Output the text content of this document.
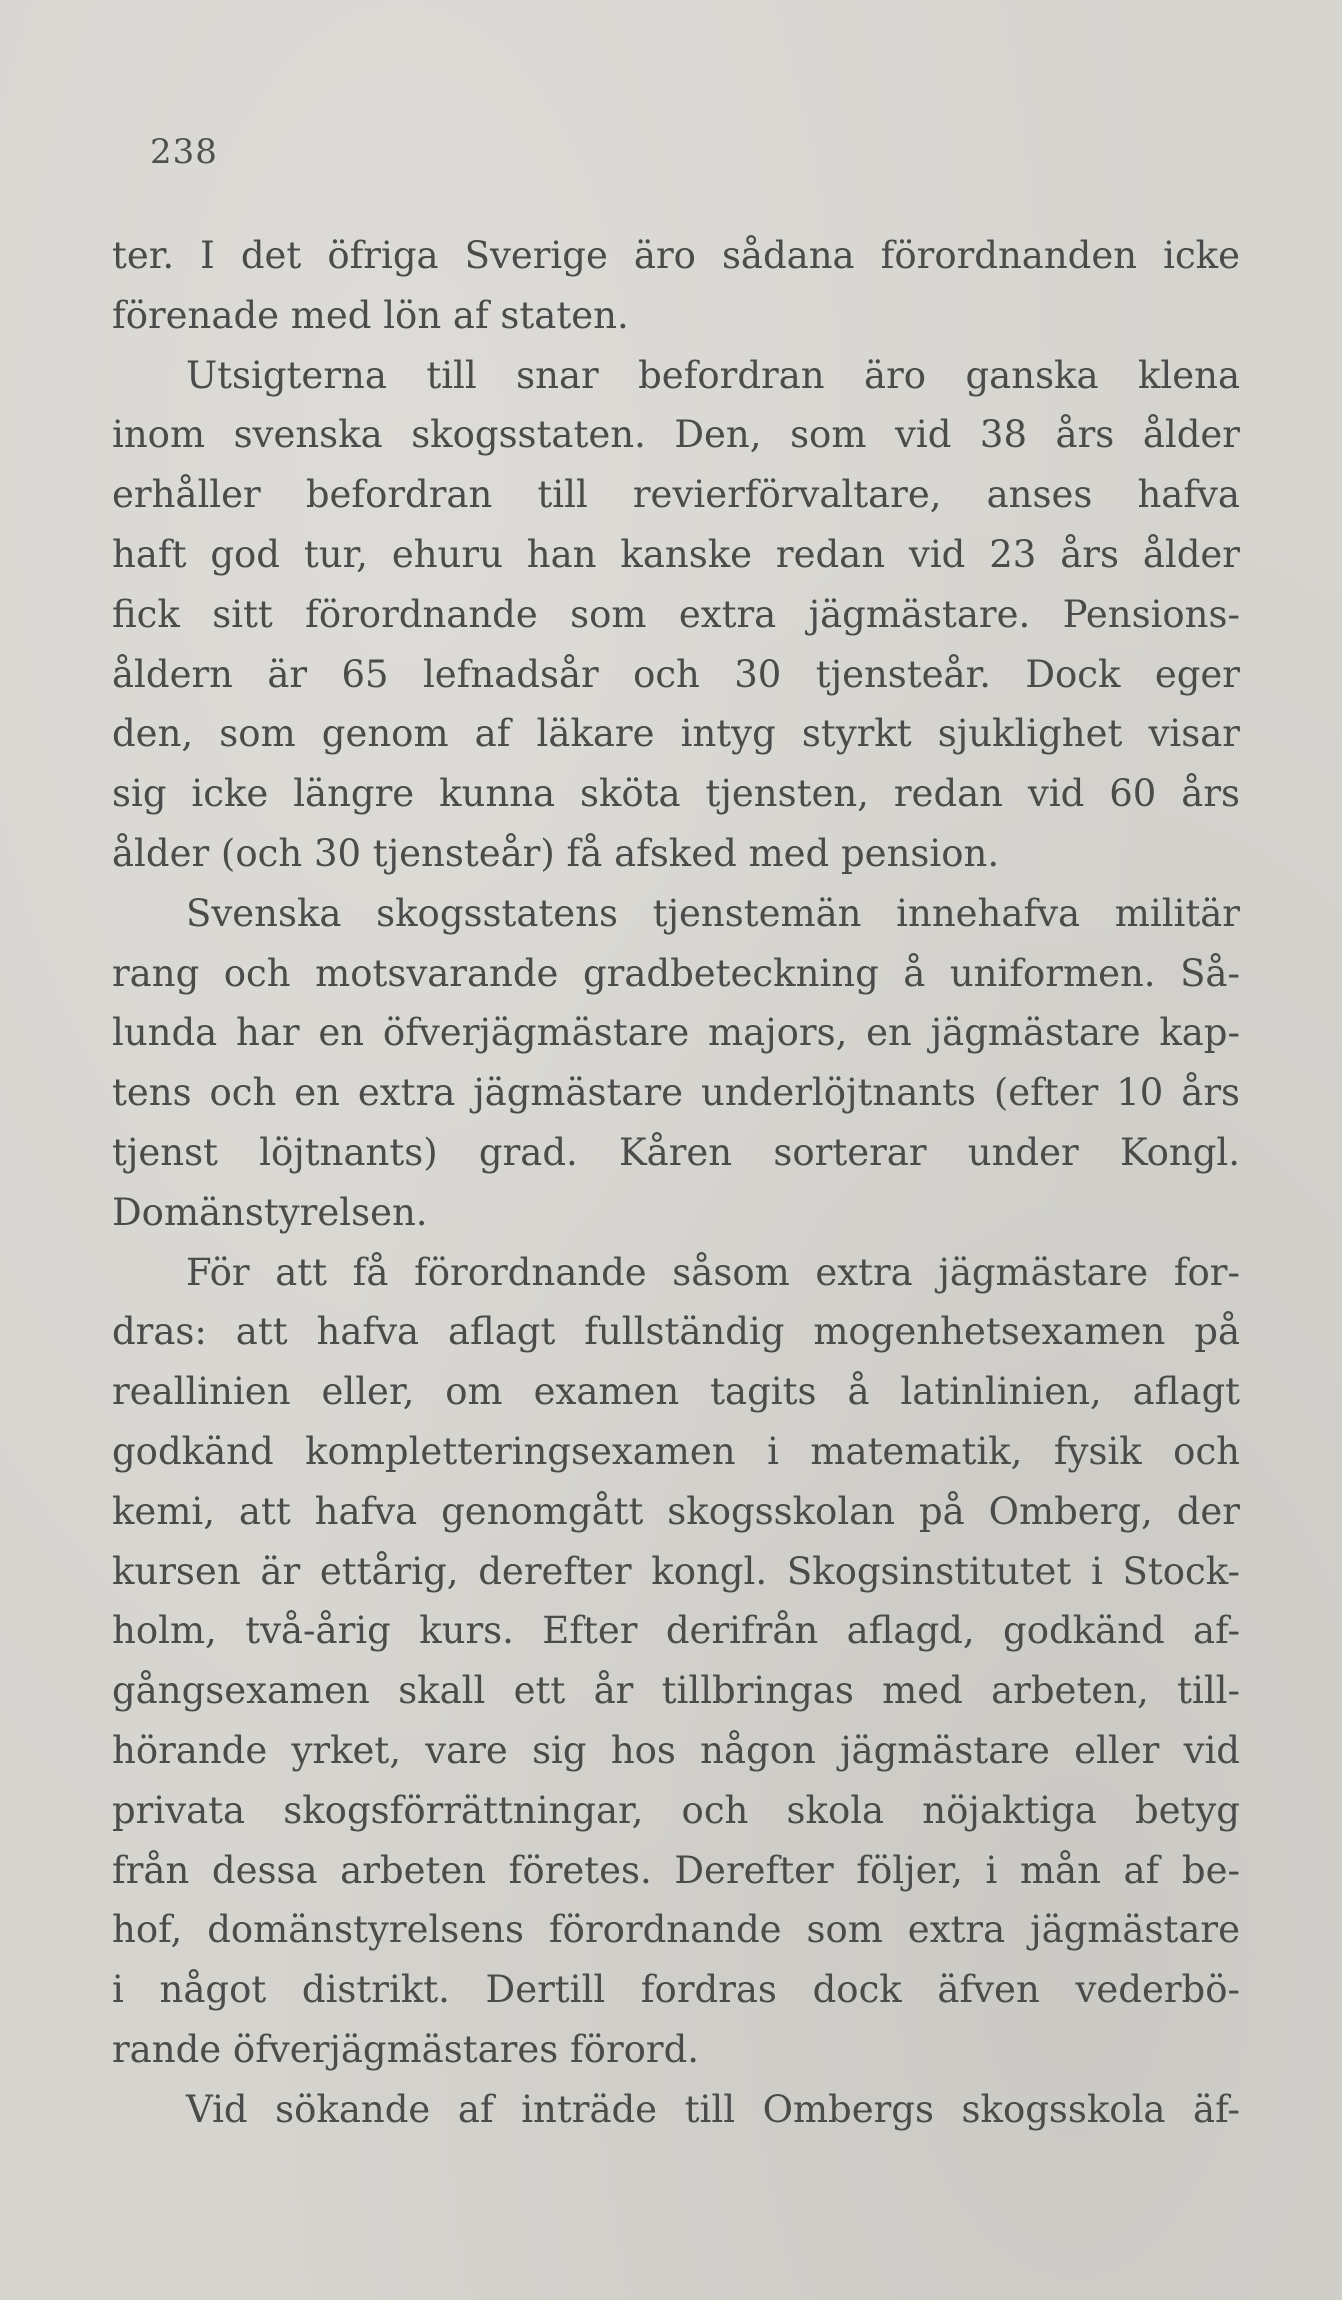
238
ter. I det öfriga Sverige äro sådana förordnanden icke
förenade med lön af staten.
Utsigterna till snar befordran äro ganska klena
inom svenska skogsstaten. Den, som vid 38 års ålder
erhåller befordran till revierförvaltare, anses hafva
haft god tur, ehuru han kanske redan vid 23 års ålder
fick sitt förordnande som extra jägmästare. Pensions-
åldern är 65 lefnadsår och 30 tjensteår. Dock eger
den, som genom af läkare intyg styrkt sjuklighet visar
sig icke längre kunna sköta tjensten, redan vid 60 års
ålder (och 30 tjensteår) få afsked med pension.
Svenska skogsstatens tjenstemän innehafva militär
rang och motsvarande gradbeteckning å uniformen. Så-
lunda har en öfverjägmästare majors, en jägmästare kap-
tens och en extra jägmästare underlöjtnants (efter 10 års
tjenst löjtnants) grad. Kåren sorterar under Kongl.
Domänstyrelsen.
För att få förordnande såsom extra jägmästare for-
dras: att hafva aflagt fullständig mogenhetsexamen på
reallinien eller, om examen tagits å latinlinien, aflagt
godkänd kompletteringsexamen i matematik, fysik och
kemi, att hafva genomgått skogsskolan på Omberg, der
kursen är ettårig, derefter kongl. Skogsinstitutet i Stock-
holm, två-årig kurs. Efter derifrån aflagd, godkänd af-
gångsexamen skall ett år tillbringas med arbeten, till-
hörande yrket, vare sig hos någon jägmästare eller vid
privata skogsförrättningar, och skola nöjaktiga betyg
från dessa arbeten företes. Derefter följer, i mån af be-
hof, domänstyrelsens förordnande som extra jägmästare
i något distrikt. Dertill fordras dock äfven vederbö-
rande öfverjägmästares förord.
Vid sökande af inträde till Ombergs skogsskola äf-
